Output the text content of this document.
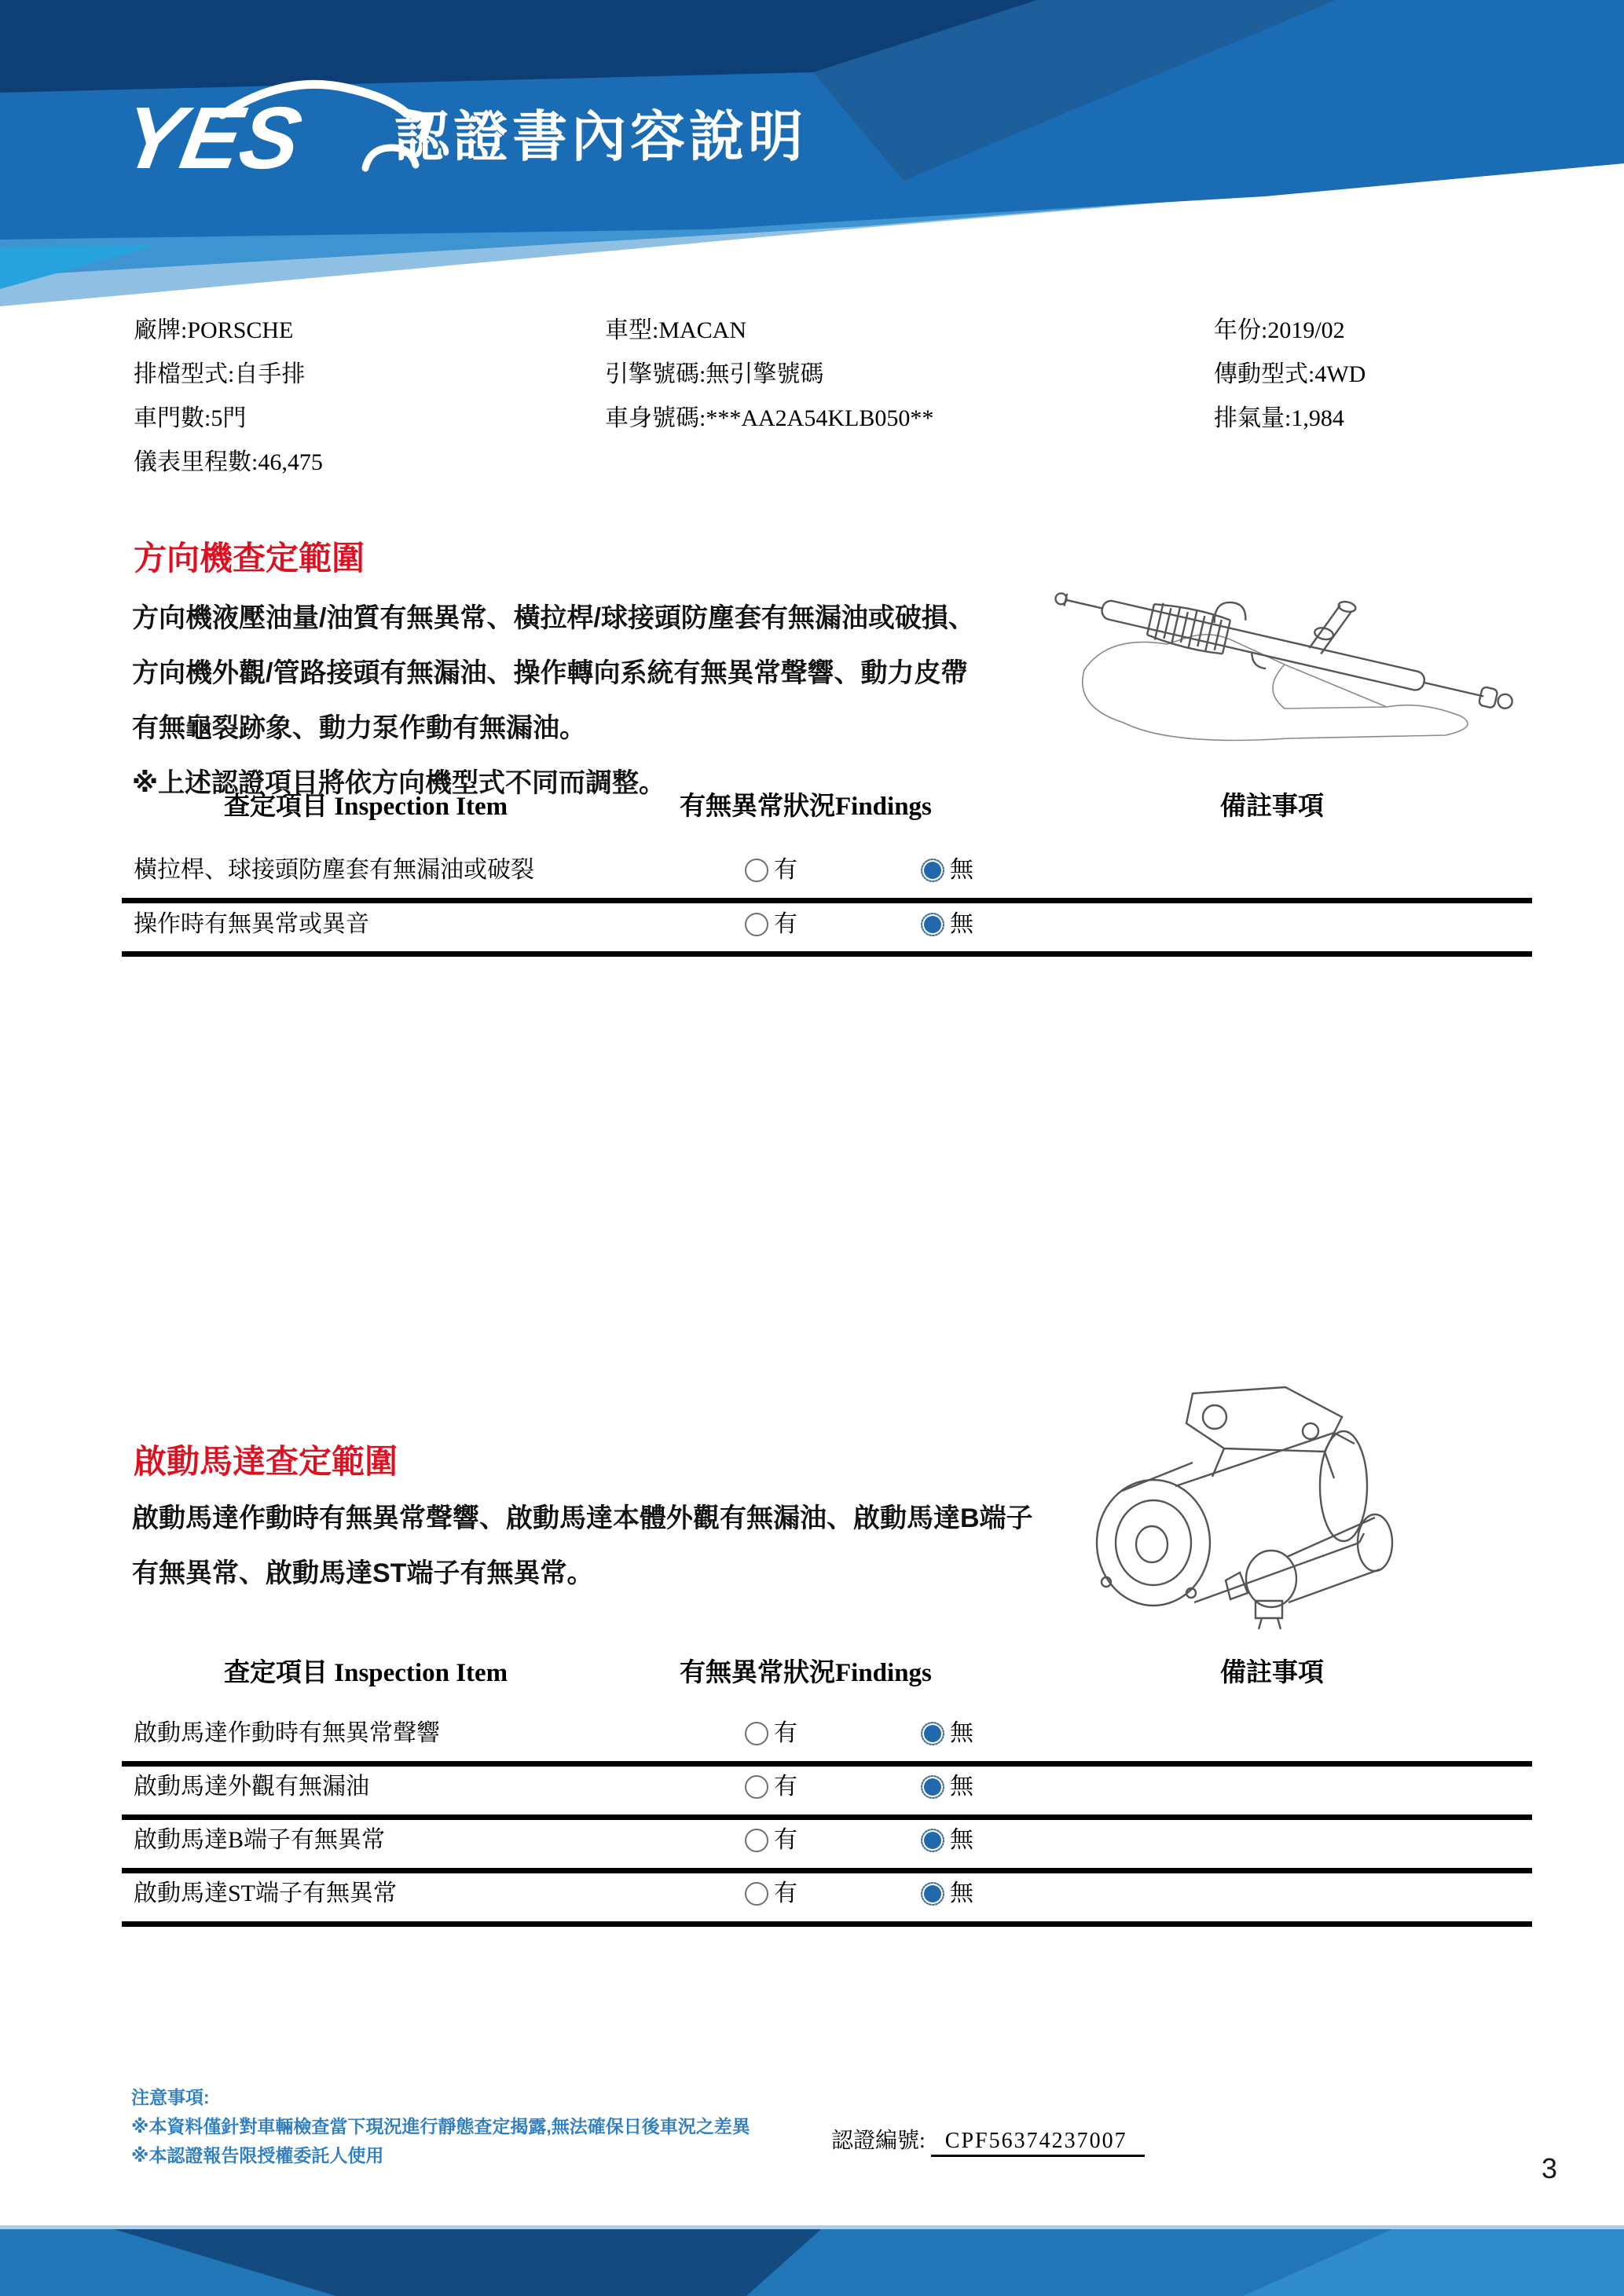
YES 認證書內容說明
廠牌:PORSCHE
排檔型式:自手排
車門數:5門
儀表里程數:46,475
車型:MACAN
引擎號碼:無引擎號碼
車身號碼:***AA2A54KLB050**
年份:2019/02
傳動型式:4WD
排氣量:1,984
方向機查定範圍
方向機液壓油量/油質有無異常、橫拉桿/球接頭防塵套有無漏油或破損、
方向機外觀/管路接頭有無漏油、操作轉向系統有無異常聲響、動力皮帶
有無龜裂跡象、動力泵作動有無漏油。
※上述認證項目將依方向機型式不同而調整。
查定項目 Inspection Item	有無異常狀況Findings	備註事項
橫拉桿、球接頭防塵套有無漏油或破裂	有	無
操作時有無異常或異音	有	無
啟動馬達查定範圍
啟動馬達作動時有無異常聲響、啟動馬達本體外觀有無漏油、啟動馬達B端子
有無異常、啟動馬達ST端子有無異常。
查定項目 Inspection Item	有無異常狀況Findings	備註事項
啟動馬達作動時有無異常聲響	有	無
啟動馬達外觀有無漏油	有	無
啟動馬達B端子有無異常	有	無
啟動馬達ST端子有無異常	有	無
注意事項:
※本資料僅針對車輛檢查當下現況進行靜態查定揭露,無法確保日後車況之差異
※本認證報告限授權委託人使用
認證編號: CPF56374237007
3
